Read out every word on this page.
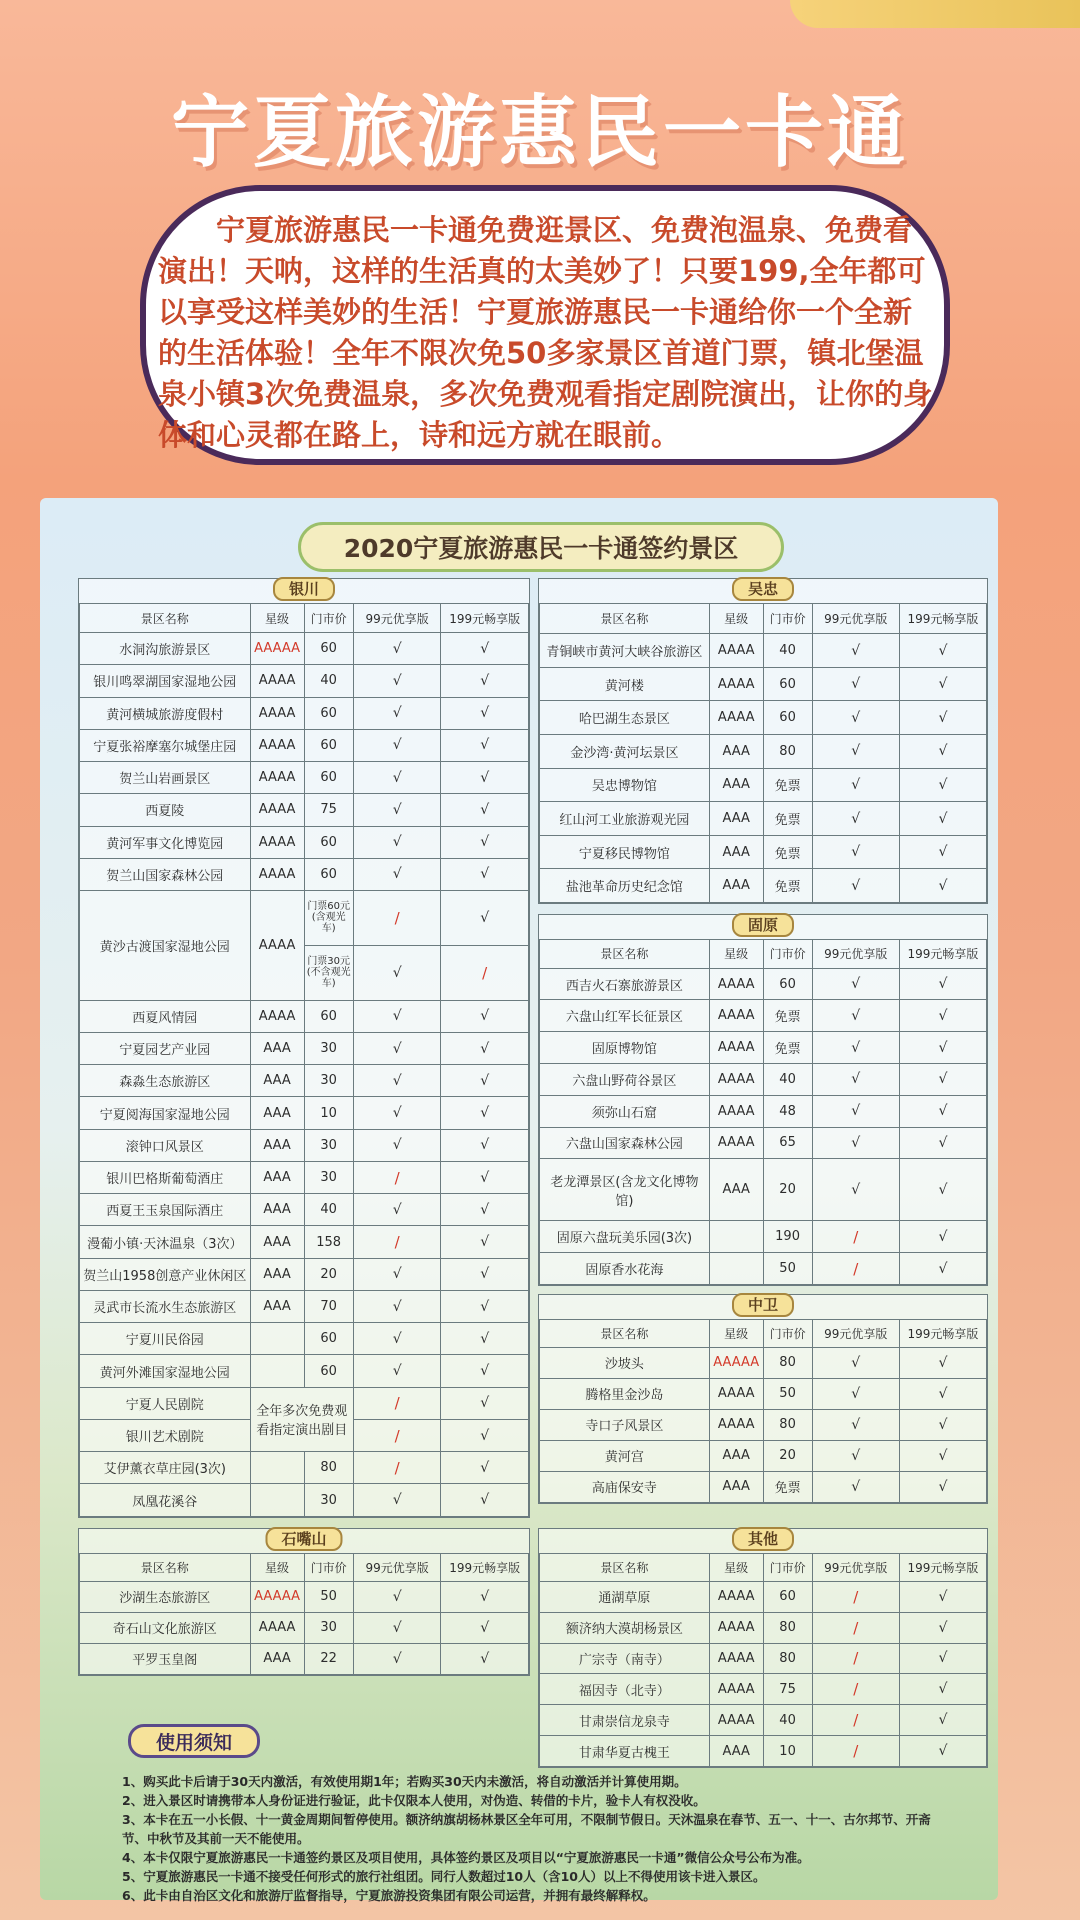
宁夏旅游惠民一卡通
宁夏旅游惠民一卡通免费逛景区、免费泡温泉、免费看演出！天呐，这样的生活真的太美妙了！只要199,全年都可以享受这样美妙的生活！宁夏旅游惠民一卡通给你一个全新的生活体验！全年不限次免50多家景区首道门票，镇北堡温泉小镇3次免费温泉，多次免费观看指定剧院演出，让你的身体和心灵都在路上，诗和远方就在眼前。
2020宁夏旅游惠民一卡通签约景区
银川
景区名称	星级	门市价	99元优享版	199元畅享版
水洞沟旅游景区	AAAAA	60	√	√
银川鸣翠湖国家湿地公园	AAAA	40	√	√
黄河横城旅游度假村	AAAA	60	√	√
宁夏张裕摩塞尔城堡庄园	AAAA	60	√	√
贺兰山岩画景区	AAAA	60	√	√
西夏陵	AAAA	75	√	√
黄河军事文化博览园	AAAA	60	√	√
贺兰山国家森林公园	AAAA	60	√	√
黄沙古渡国家湿地公园	AAAA	门票60元(含观光车)	/	√
		门票30元(不含观光车)	√	/
西夏风情园	AAAA	60	√	√
宁夏园艺产业园	AAA	30	√	√
森淼生态旅游区	AAA	30	√	√
宁夏阅海国家湿地公园	AAA	10	√	√
滚钟口风景区	AAA	30	√	√
银川巴格斯葡萄酒庄	AAA	30	/	√
西夏王玉泉国际酒庄	AAA	40	√	√
漫葡小镇·天沐温泉（3次）	AAA	158	/	√
贺兰山1958创意产业休闲区	AAA	20	√	√
灵武市长流水生态旅游区	AAA	70	√	√
宁夏川民俗园		60	√	√
黄河外滩国家湿地公园		60	√	√
宁夏人民剧院	全年多次免费观看指定演出剧目		/	√
银川艺术剧院			/	√
艾伊薰衣草庄园(3次)		80	/	√
凤凰花溪谷		30	√	√
石嘴山
景区名称	星级	门市价	99元优享版	199元畅享版
沙湖生态旅游区	AAAAA	50	√	√
奇石山文化旅游区	AAAA	30	√	√
平罗玉皇阁	AAA	22	√	√
吴忠
景区名称	星级	门市价	99元优享版	199元畅享版
青铜峡市黄河大峡谷旅游区	AAAA	40	√	√
黄河楼	AAAA	60	√	√
哈巴湖生态景区	AAAA	60	√	√
金沙湾·黄河坛景区	AAA	80	√	√
吴忠博物馆	AAA	免票	√	√
红山河工业旅游观光园	AAA	免票	√	√
宁夏移民博物馆	AAA	免票	√	√
盐池革命历史纪念馆	AAA	免票	√	√
固原
景区名称	星级	门市价	99元优享版	199元畅享版
西吉火石寨旅游景区	AAAA	60	√	√
六盘山红军长征景区	AAAA	免票	√	√
固原博物馆	AAAA	免票	√	√
六盘山野荷谷景区	AAAA	40	√	√
须弥山石窟	AAAA	48	√	√
六盘山国家森林公园	AAAA	65	√	√
老龙潭景区(含龙文化博物馆)	AAA	20	√	√
固原六盘玩美乐园(3次)		190	/	√
固原香水花海		50	/	√
中卫
景区名称	星级	门市价	99元优享版	199元畅享版
沙坡头	AAAAA	80	√	√
腾格里金沙岛	AAAA	50	√	√
寺口子风景区	AAAA	80	√	√
黄河宫	AAA	20	√	√
高庙保安寺	AAA	免票	√	√
其他
景区名称	星级	门市价	99元优享版	199元畅享版
通湖草原	AAAA	60	/	√
额济纳大漠胡杨景区	AAAA	80	/	√
广宗寺（南寺）	AAAA	80	/	√
福因寺（北寺）	AAAA	75	/	√
甘肃崇信龙泉寺	AAAA	40	/	√
甘肃华夏古槐王	AAA	10	/	√
使用须知

1、购买此卡后请于30天内激活，有效使用期1年；若购买30天内未激活，将自动激活并计算使用期。

2、进入景区时请携带本人身份证进行验证，此卡仅限本人使用，对伪造、转借的卡片，验卡人有权没收。

3、本卡在五一小长假、十一黄金周期间暂停使用。额济纳旗胡杨林景区全年可用，不限制节假日。天沐温泉在春节、五一、十一、古尔邦节、开斋

节、中秋节及其前一天不能使用。

4、本卡仅限宁夏旅游惠民一卡通签约景区及项目使用，具体签约景区及项目以“宁夏旅游惠民一卡通”微信公众号公布为准。

5、宁夏旅游惠民一卡通不接受任何形式的旅行社组团。同行人数超过10人（含10人）以上不得使用该卡进入景区。

6、此卡由自治区文化和旅游厅监督指导，宁夏旅游投资集团有限公司运营，并拥有最终解释权。
